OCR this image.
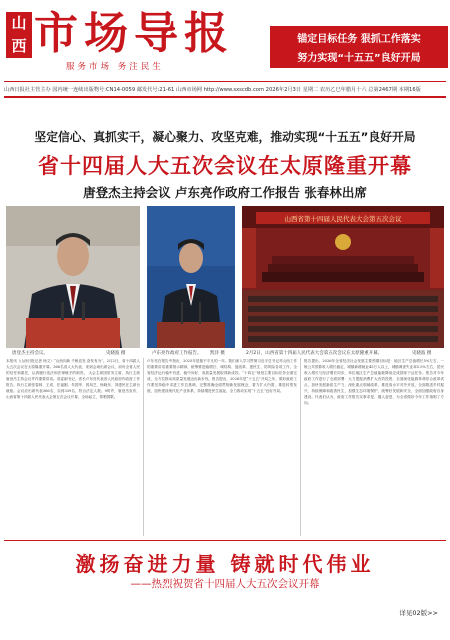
山西 市场导报
服务市场 务注民生
锚定目标任务 狠抓工作落实
努力实现“十五五”良好开局
山西日报社主管主办 国内统一连续出版物号:CN14-0059 邮发代号:21-61 山西市场网 http://www.sxscdb.com 2026年2月3日 星期二 农历乙巳年腊月十六 总第2467期 本期16版
坚定信心、真抓实干，凝心聚力、攻坚克难，推动实现“十五五”良好开局
省十四届人大五次会议在太原隆重开幕
唐登杰主持会议 卢东亮作政府工作报告 张春林出席
唐登杰主持会议。	史晓波 摄	卢东亮作政府工作报告。 凯洋 摄
山西省第十四届人民代表大会第五次会议
2月2日，山西省第十四届人民代表大会第五次会议在太原隆重开幕。	史晓波 摄
本报讯（山西日报记者 杨文）“山西向新 千帆竞发 奋发有为”。2月2日，省十四届人大五次会议在太原隆重开幕。366名省人大代表、来到会场出席会议，肩负全省人民的信任和重托，认真履行宪法和法律赋予的职责。 大会主席团常务主席，执行主席唐登杰主持会议并作重要讲话。省委副书记、省长卢东亮代表省人民政府作政府工作报告。执行主席张春林、王成、任福刚、朱国华、郭凤芝、杨晓东、刘建民在主席台就座。会议应出席代表366名，实到339名，符合法定人数。9时许，唐登杰宣布，山西省第十四届人民代表大会第五次会议开幕，全场起立，奏唱国歌。
卢东亮在报告中指出，2025年是极不平凡的一年。我们深入学习贯彻习近平总书记对山西工作的重要讲话重要指示精神，统筹推进稳增长、调结构、促改革、惠民生、防风险各项工作，全省经济运行稳中有进、稳中向好，高质量发展取得新成效。“十四五”规划主要目标任务全面完成，全方位推动高质量发展迈出新步伐。报告提出，2026年是“十五五”开局之年，做好政府工作要坚持稳中求进工作总基调，完整准确全面贯彻新发展理念，着力扩大内需，推进转型发展，加快建设现代化产业体系，持续增进民生福祉，全力推动实现“十五五”良好开局。
报告提出，2026年全省经济社会发展主要预期目标是：地区生产总值增长5%左右，一般公共预算收入增长稳定，城镇新增就业45万人以上，城镇调查失业率5.5%左右，居民收入增长与经济增长同步，单位地区生产总值能耗降低完成国家下达任务。报告对今年政府工作进行了全面部署：大力提振消费扩大有效投资，全面深化能源革命综合改革试点，加快发展新质生产力，深化重点领域改革，推进高水平对外开放，全面推进乡村振兴，持续保障和改善民生，加强生态环境保护，统筹好发展和安全，全面加强政府自身建设。代表们认为，政府工作报告实事求是、催人奋进，为全省做好今年工作指明了方向。
激扬奋进力量 铸就时代伟业
——热烈祝贺省十四届人大五次会议开幕
详见02版>>
